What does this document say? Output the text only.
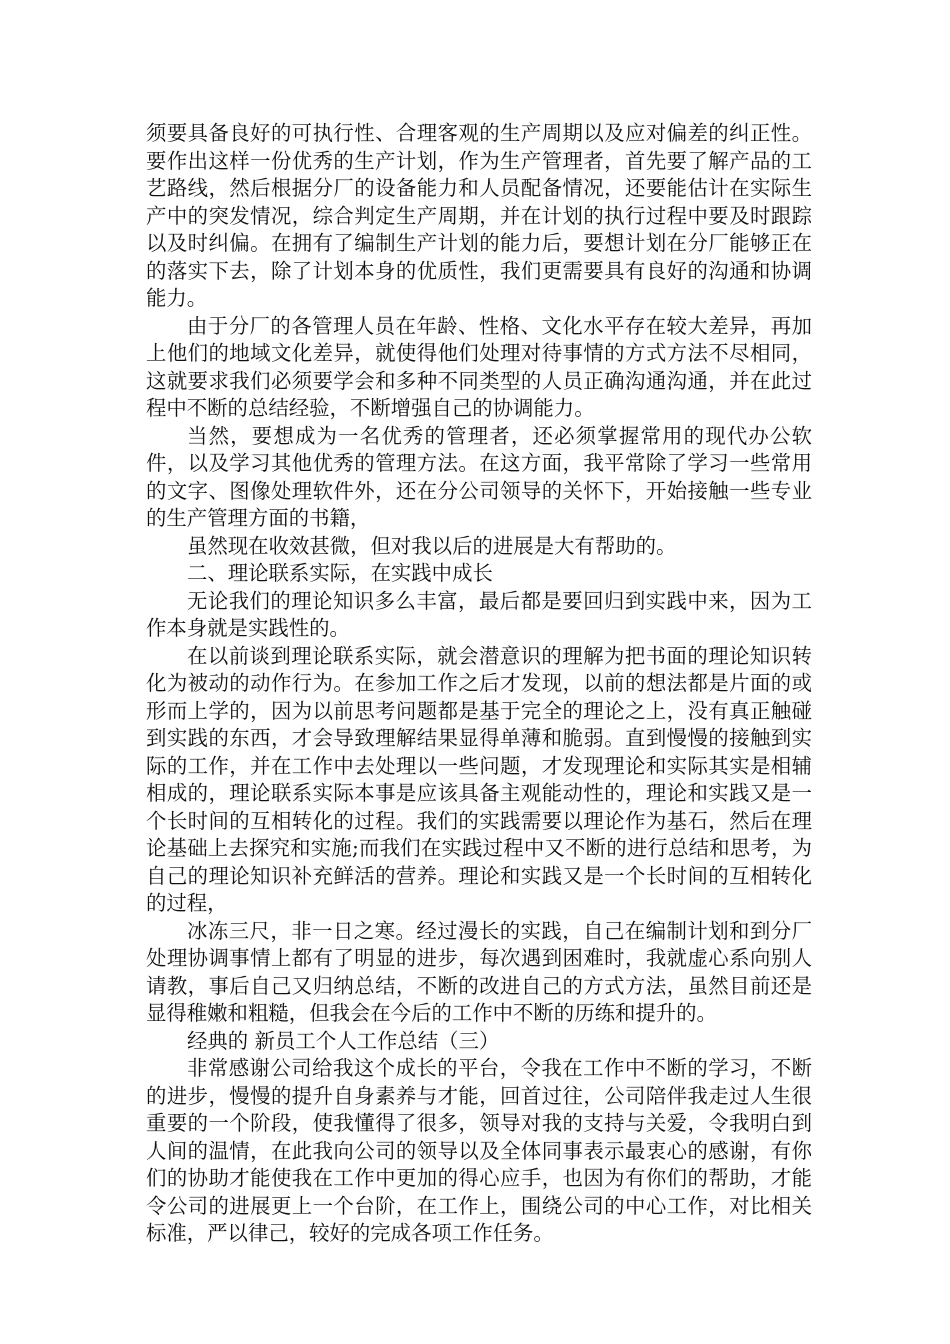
须要具备良好的可执行性、合理客观的生产周期以及应对偏差的纠正性。要作出这样一份优秀的生产计划，作为生产管理者，首先要了解产品的工艺路线，然后根据分厂的设备能力和人员配备情况，还要能估计在实际生产中的突发情况，综合判定生产周期，并在计划的执行过程中要及时跟踪以及时纠偏。在拥有了编制生产计划的能力后，要想计划在分厂能够正在的落实下去，除了计划本身的优质性，我们更需要具有良好的沟通和协调能力。

由于分厂的各管理人员在年龄、性格、文化水平存在较大差异，再加上他们的地域文化差异，就使得他们处理对待事情的方式方法不尽相同，这就要求我们必须要学会和多种不同类型的人员正确沟通沟通，并在此过程中不断的总结经验，不断增强自己的协调能力。

当然，要想成为一名优秀的管理者，还必须掌握常用的现代办公软件，以及学习其他优秀的管理方法。在这方面，我平常除了学习一些常用的文字、图像处理软件外，还在分公司领导的关怀下，开始接触一些专业的生产管理方面的书籍，

虽然现在收效甚微，但对我以后的进展是大有帮助的。

二、理论联系实际，在实践中成长

无论我们的理论知识多么丰富，最后都是要回归到实践中来，因为工作本身就是实践性的。

在以前谈到理论联系实际，就会潜意识的理解为把书面的理论知识转化为被动的动作行为。在参加工作之后才发现，以前的想法都是片面的或形而上学的，因为以前思考问题都是基于完全的理论之上，没有真正触碰到实践的东西，才会导致理解结果显得单薄和脆弱。直到慢慢的接触到实际的工作，并在工作中去处理以一些问题，才发现理论和实际其实是相辅相成的，理论联系实际本事是应该具备主观能动性的，理论和实践又是一个长时间的互相转化的过程。我们的实践需要以理论作为基石，然后在理论基础上去探究和实施;而我们在实践过程中又不断的进行总结和思考，为自己的理论知识补充鲜活的营养。理论和实践又是一个长时间的互相转化的过程，

冰冻三尺，非一日之寒。经过漫长的实践，自己在编制计划和到分厂处理协调事情上都有了明显的进步，每次遇到困难时，我就虚心系向别人请教，事后自己又归纳总结，不断的改进自己的方式方法，虽然目前还是显得稚嫩和粗糙，但我会在今后的工作中不断的历练和提升的。

经典的 新员工个人工作总结（三）

非常感谢公司给我这个成长的平台，令我在工作中不断的学习，不断的进步，慢慢的提升自身素养与才能，回首过往，公司陪伴我走过人生很重要的一个阶段，使我懂得了很多，领导对我的支持与关爱，令我明白到人间的温情，在此我向公司的领导以及全体同事表示最衷心的感谢，有你们的协助才能使我在工作中更加的得心应手，也因为有你们的帮助，才能令公司的进展更上一个台阶，在工作上，围绕公司的中心工作，对比相关标准，严以律己，较好的完成各项工作任务。
